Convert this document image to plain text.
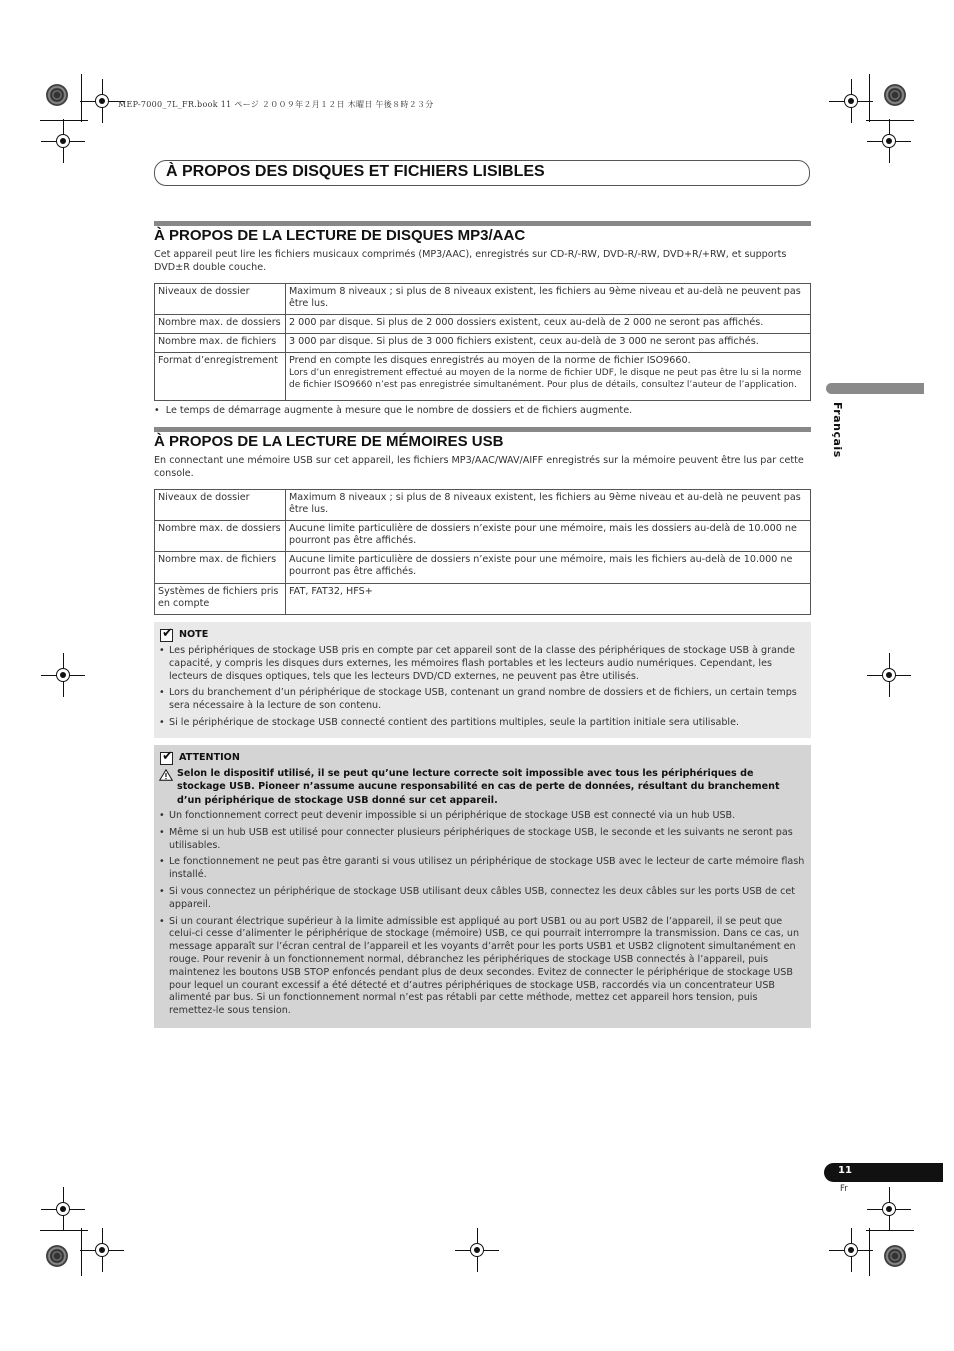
MEP-7000_7L_FR.book 11 ページ ２００９年２月１２日 木曜日 午後８時２３分
À PROPOS DES DISQUES ET FICHIERS LISIBLES
À PROPOS DE LA LECTURE DE DISQUES MP3/AAC
Cet appareil peut lire les fichiers musicaux comprimés (MP3/AAC), enregistrés sur CD-R/-RW, DVD-R/-RW, DVD+R/+RW, et supports DVD±R double couche.
Niveaux de dossier	Maximum 8 niveaux ; si plus de 8 niveaux existent, les fichiers au 9ème niveau et au-delà ne peuvent pas être lus.
Nombre max. de dossiers	2 000 par disque. Si plus de 2 000 dossiers existent, ceux au-delà de 2 000 ne seront pas affichés.
Nombre max. de fichiers	3 000 par disque. Si plus de 3 000 fichiers existent, ceux au-delà de 3 000 ne seront pas affichés.
Format d’enregistrement	Prend en compte les disques enregistrés au moyen de la norme de fichier ISO9660.
Lors d’un enregistrement effectué au moyen de la norme de fichier UDF, le disque ne peut pas être lu si la norme de fichier ISO9660 n’est pas enregistrée simultanément. Pour plus de détails, consultez l’auteur de l’application.
•  Le temps de démarrage augmente à mesure que le nombre de dossiers et de fichiers augmente.
À PROPOS DE LA LECTURE DE MÉMOIRES USB
En connectant une mémoire USB sur cet appareil, les fichiers MP3/AAC/WAV/AIFF enregistrés sur la mémoire peuvent être lus par cette console.
Niveaux de dossier	Maximum 8 niveaux ; si plus de 8 niveaux existent, les fichiers au 9ème niveau et au-delà ne peuvent pas être lus.
Nombre max. de dossiers	Aucune limite particulière de dossiers n’existe pour une mémoire, mais les dossiers au-delà de 10.000 ne pourront pas être affichés.
Nombre max. de fichiers	Aucune limite particulière de dossiers n’existe pour une mémoire, mais les fichiers au-delà de 10.000 ne pourront pas être affichés.
Systèmes de fichiers pris en compte	FAT, FAT32, HFS+
✔
NOTE
• Les périphériques de stockage USB pris en compte par cet appareil sont de la classe des périphériques de stockage USB à grande capacité, y compris les disques durs externes, les mémoires flash portables et les lecteurs audio numériques. Cependant, les lecteurs de disques optiques, tels que les lecteurs DVD/CD externes, ne peuvent pas être utilisés.
• Lors du branchement d’un périphérique de stockage USB, contenant un grand nombre de dossiers et de fichiers, un certain temps sera nécessaire à la lecture de son contenu.
• Si le périphérique de stockage USB connecté contient des partitions multiples, seule la partition initiale sera utilisable.
✔
ATTENTION
Selon le dispositif utilisé, il se peut qu’une lecture correcte soit impossible avec tous les périphériques de stockage USB. Pioneer n’assume aucune responsabilité en cas de perte de données, résultant du branchement d’un périphérique de stockage USB donné sur cet appareil.
• Un fonctionnement correct peut devenir impossible si un périphérique de stockage USB est connecté via un hub USB.
• Même si un hub USB est utilisé pour connecter plusieurs périphériques de stockage USB, le seconde et les suivants ne seront pas utilisables.
• Le fonctionnement ne peut pas être garanti si vous utilisez un périphérique de stockage USB avec le lecteur de carte mémoire flash installé.
• Si vous connectez un périphérique de stockage USB utilisant deux câbles USB, connectez les deux câbles sur les ports USB de cet appareil.
• Si un courant électrique supérieur à la limite admissible est appliqué au port USB1 ou au port USB2 de l’appareil, il se peut que celui-ci cesse d’alimenter le périphérique de stockage (mémoire) USB, ce qui pourrait interrompre la transmission. Dans ce cas, un message apparaît sur l’écran central de l’appareil et les voyants d’arrêt pour les ports USB1 et USB2 clignotent simultanément en rouge. Pour revenir à un fonctionnement normal, débranchez les périphériques de stockage USB connectés à l’appareil, puis maintenez les boutons USB STOP enfoncés pendant plus de deux secondes. Evitez de connecter le périphérique de stockage USB pour lequel un courant excessif a été détecté et d’autres périphériques de stockage USB, raccordés via un concentrateur USB alimenté par bus. Si un fonctionnement normal n’est pas rétabli par cette méthode, mettez cet appareil hors tension, puis remettez-le sous tension.
Français
11
Fr
